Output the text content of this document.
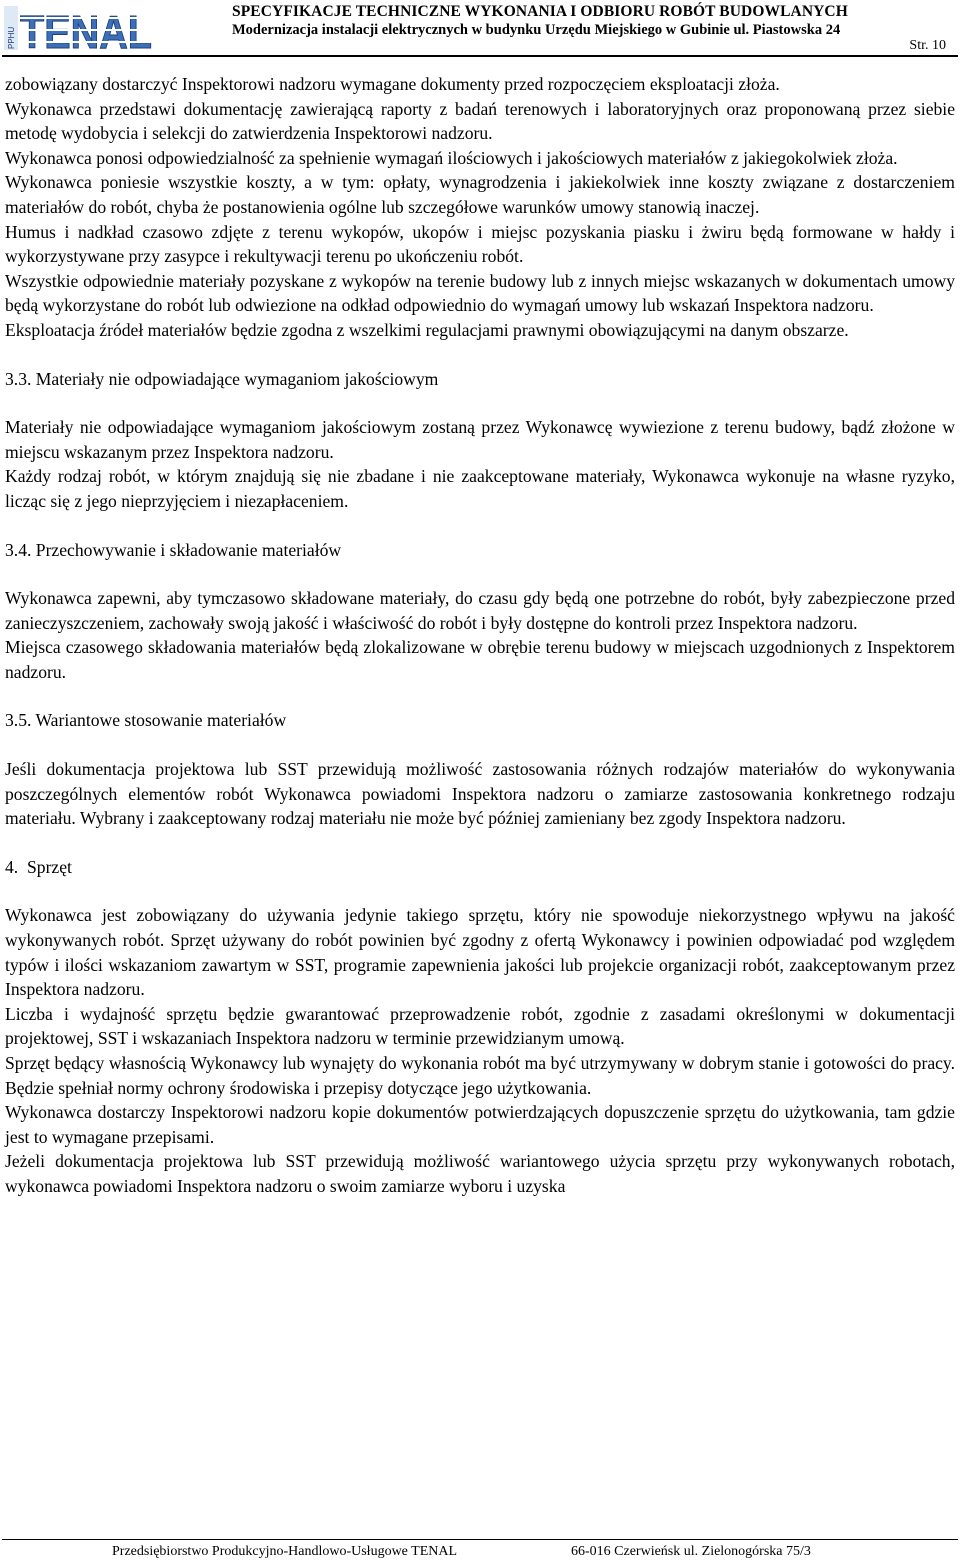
PPHU TENAL	SPECYFIKACJE TECHNICZNE WYKONANIA I ODBIORU ROBÓT BUDOWLANYCH
Modernizacja instalacji elektrycznych w budynku Urzędu Miejskiego w Gubinie ul. Piastowska 24
Str. 10

zobowiązany dostarczyć Inspektorowi nadzoru wymagane dokumenty przed rozpoczęciem eksploatacji złoża.

Wykonawca przedstawi dokumentację zawierającą raporty z badań terenowych i laboratoryjnych oraz proponowaną przez siebie metodę wydobycia i selekcji do zatwierdzenia Inspektorowi nadzoru.

Wykonawca ponosi odpowiedzialność za spełnienie wymagań ilościowych i jakościowych materiałów z jakiegokolwiek złoża.

Wykonawca poniesie wszystkie koszty, a w tym: opłaty, wynagrodzenia i jakiekolwiek inne koszty związane z dostarczeniem materiałów do robót, chyba że postanowienia ogólne lub szczegółowe warunków umowy stanowią inaczej.

Humus i nadkład czasowo zdjęte z terenu wykopów, ukopów i miejsc pozyskania piasku i żwiru będą formowane w hałdy i wykorzystywane przy zasypce i rekultywacji terenu po ukończeniu robót.

Wszystkie odpowiednie materiały pozyskane z wykopów na terenie budowy lub z innych miejsc wskazanych w dokumentach umowy będą wykorzystane do robót lub odwiezione na odkład odpowiednio do wymagań umowy lub wskazań Inspektora nadzoru.

Eksploatacja źródeł materiałów będzie zgodna z wszelkimi regulacjami prawnymi obowiązującymi na danym obszarze.

3.3. Materiały nie odpowiadające wymaganiom jakościowym

Materiały nie odpowiadające wymaganiom jakościowym zostaną przez Wykonawcę wywiezione z terenu budowy, bądź złożone w miejscu wskazanym przez Inspektora nadzoru.

Każdy rodzaj robót, w którym znajdują się nie zbadane i nie zaakceptowane materiały, Wykonawca wykonuje na własne ryzyko, licząc się z jego nieprzyjęciem i niezapłaceniem.

3.4. Przechowywanie i składowanie materiałów

Wykonawca zapewni, aby tymczasowo składowane materiały, do czasu gdy będą one potrzebne do robót, były zabezpieczone przed zanieczyszczeniem, zachowały swoją jakość i właściwość do robót i były dostępne do kontroli przez Inspektora nadzoru.

Miejsca czasowego składowania materiałów będą zlokalizowane w obrębie terenu budowy w miejscach uzgodnionych z Inspektorem nadzoru.

3.5. Wariantowe stosowanie materiałów

Jeśli dokumentacja projektowa lub SST przewidują możliwość zastosowania różnych rodzajów materiałów do wykonywania poszczególnych elementów robót Wykonawca powiadomi Inspektora nadzoru o zamiarze zastosowania konkretnego rodzaju materiału. Wybrany i zaakceptowany rodzaj materiału nie może być później zamieniany bez zgody Inspektora nadzoru.

4.  Sprzęt

Wykonawca jest zobowiązany do używania jedynie takiego sprzętu, który nie spowoduje niekorzystnego wpływu na jakość wykonywanych robót. Sprzęt używany do robót powinien być zgodny z ofertą Wykonawcy i powinien odpowiadać pod względem typów i ilości wskazaniom zawartym w SST, programie zapewnienia jakości lub projekcie organizacji robót, zaakceptowanym przez Inspektora nadzoru.

Liczba i wydajność sprzętu będzie gwarantować przeprowadzenie robót, zgodnie z zasadami określonymi w dokumentacji projektowej, SST i wskazaniach Inspektora nadzoru w terminie przewidzianym umową.

Sprzęt będący własnością Wykonawcy lub wynajęty do wykonania robót ma być utrzymywany w dobrym stanie i gotowości do pracy. Będzie spełniał normy ochrony środowiska i przepisy dotyczące jego użytkowania.

Wykonawca dostarczy Inspektorowi nadzoru kopie dokumentów potwierdzających dopuszczenie sprzętu do użytkowania, tam gdzie jest to wymagane przepisami.

Jeżeli dokumentacja projektowa lub SST przewidują możliwość wariantowego użycia sprzętu przy wykonywanych robotach, wykonawca powiadomi Inspektora nadzoru o swoim zamiarze wyboru i uzyska

Przedsiębiorstwo Produkcyjno-Handlowo-Usługowe TENAL	66-016 Czerwieńsk ul. Zielonogórska 75/3
